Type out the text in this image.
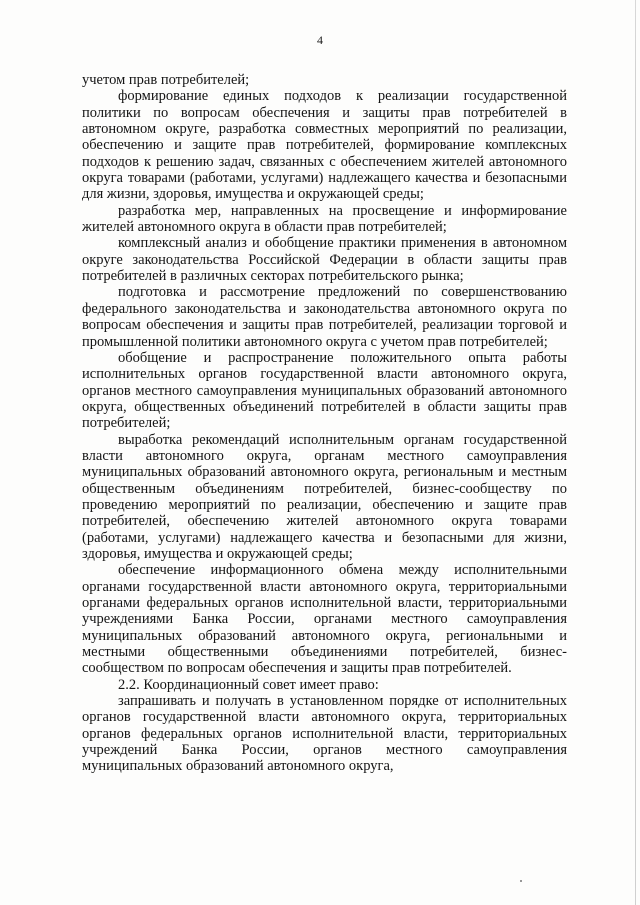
4

учетом прав потребителей;

формирование единых подходов к реализации государственной политики по вопросам обеспечения и защиты прав потребителей в автономном округе, разработка совместных мероприятий по реализации, обеспечению и защите прав потребителей, формирование комплексных подходов к решению задач, связанных с обеспечением жителей автономного округа товарами (работами, услугами) надлежащего качества и безопасными для жизни, здоровья, имущества и окружающей среды;

разработка мер, направленных на просвещение и информирование жителей автономного округа в области прав потребителей;

комплексный анализ и обобщение практики применения в автономном округе законодательства Российской Федерации в области защиты прав потребителей в различных секторах потребительского рынка;

подготовка и рассмотрение предложений по совершенствованию федерального законодательства и законодательства автономного округа по вопросам обеспечения и защиты прав потребителей, реализации торговой и промышленной политики автономного округа с учетом прав потребителей;

обобщение и распространение положительного опыта работы исполнительных органов государственной власти автономного округа, органов местного самоуправления муниципальных образований автономного округа, общественных объединений потребителей в области защиты прав потребителей;

выработка рекомендаций исполнительным органам государственной власти автономного округа, органам местного самоуправления муниципальных образований автономного округа, региональным и местным общественным объединениям потребителей, бизнес-сообществу по проведению мероприятий по реализации, обеспечению и защите прав потребителей, обеспечению жителей автономного округа товарами (работами, услугами) надлежащего качества и безопасными для жизни, здоровья, имущества и окружающей среды;

обеспечение информационного обмена между исполнительными органами государственной власти автономного округа, территориальными органами федеральных органов исполнительной власти, территориальными учреждениями Банка России, органами местного самоуправления муниципальных образований автономного округа, региональными и местными общественными объединениями потребителей, бизнес-сообществом по вопросам обеспечения и защиты прав потребителей.

2.2. Координационный совет имеет право:

запрашивать и получать в установленном порядке от исполнительных органов государственной власти автономного округа, территориальных органов федеральных органов исполнительной власти, территориальных учреждений Банка России, органов местного самоуправления муниципальных образований автономного округа,
